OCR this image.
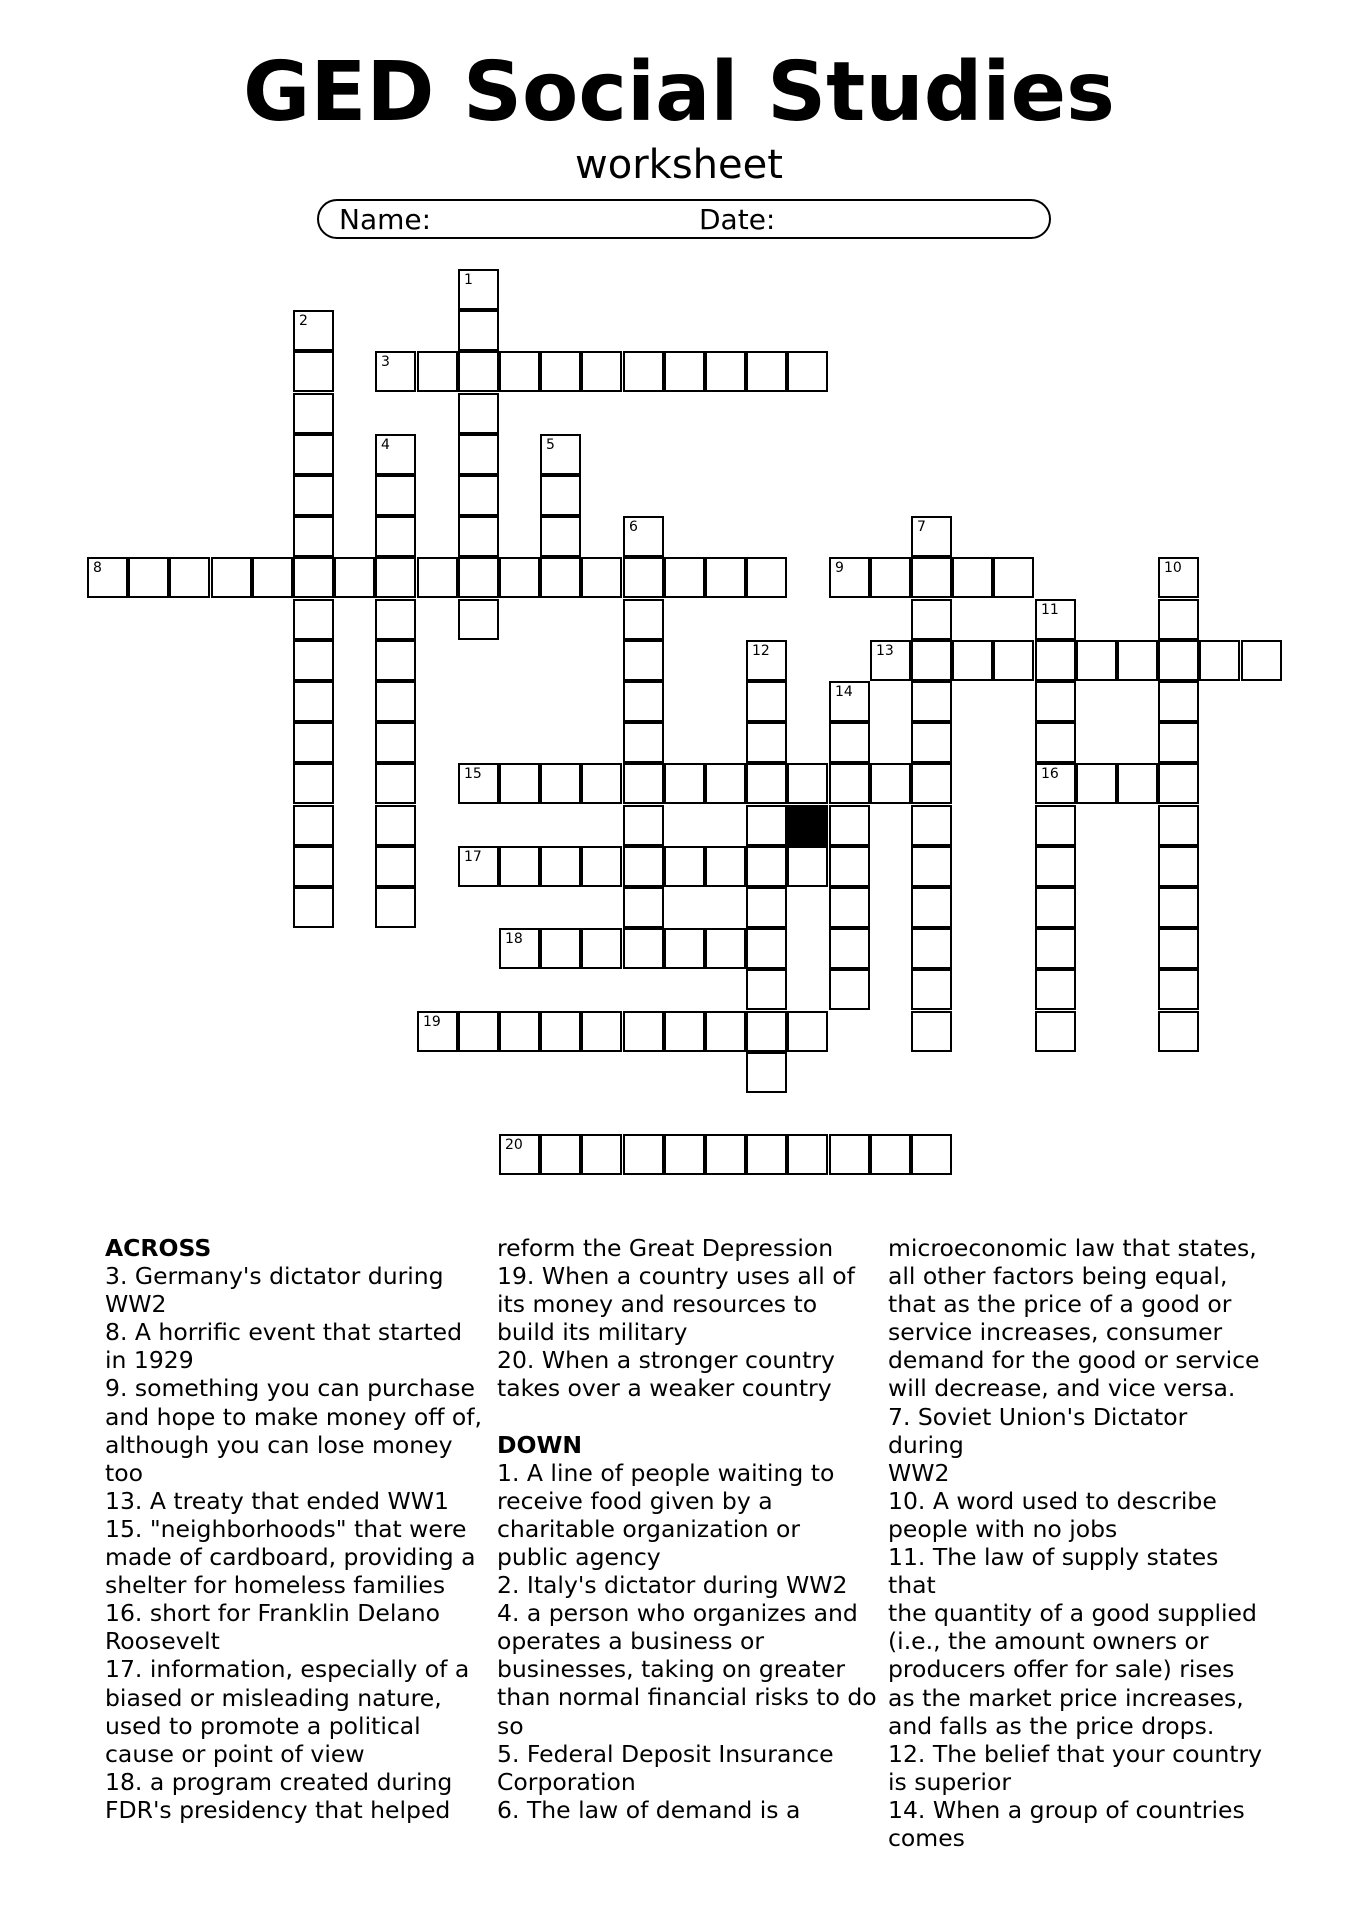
GED Social Studies
worksheet
Name:	Date:
3
8	9
13
15	16
17
18
19
20
1
2
4	5
6	7
10
11
12
14

ACROSS

3. Germany's dictator during

WW2

8. A horrific event that started

in 1929

9. something you can purchase

and hope to make money off of,

although you can lose money

too

13. A treaty that ended WW1

15. "neighborhoods" that were

made of cardboard, providing a

shelter for homeless families

16. short for Franklin Delano

Roosevelt

17. information, especially of a

biased or misleading nature,

used to promote a political

cause or point of view

18. a program created during

FDR's presidency that helped

reform the Great Depression

19. When a country uses all of

its money and resources to

build its military

20. When a stronger country

takes over a weaker country

DOWN

1. A line of people waiting to

receive food given by a

charitable organization or

public agency

2. Italy's dictator during WW2

4. a person who organizes and

operates a business or

businesses, taking on greater

than normal financial risks to do

so

5. Federal Deposit Insurance

Corporation

6. The law of demand is a

microeconomic law that states,

all other factors being equal,

that as the price of a good or

service increases, consumer

demand for the good or service

will decrease, and vice versa.

7. Soviet Union's Dictator during

WW2

10. A word used to describe

people with no jobs

11. The law of supply states that

the quantity of a good supplied

(i.e., the amount owners or

producers offer for sale) rises

as the market price increases,

and falls as the price drops.

12. The belief that your country

is superior

14. When a group of countries

comes
